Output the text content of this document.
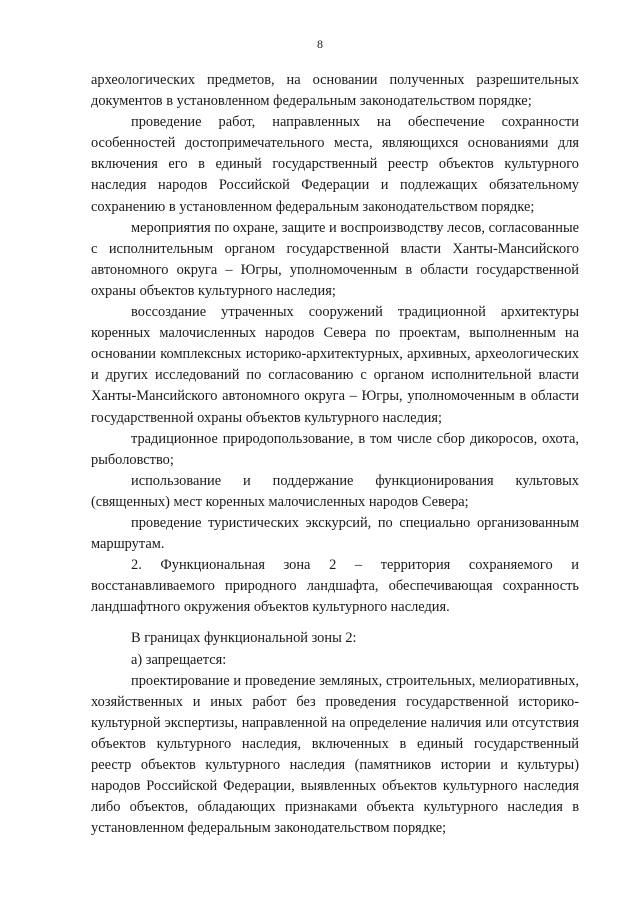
8

археологических предметов, на основании полученных разрешительных документов в установленном федеральным законодательством порядке;

проведение работ, направленных на обеспечение сохранности особенностей достопримечательного места, являющихся основаниями для включения его в единый государственный реестр объектов культурного наследия народов Российской Федерации и подлежащих обязательному сохранению в установленном федеральным законодательством порядке;

мероприятия по охране, защите и воспроизводству лесов, согласованные с исполнительным органом государственной власти Ханты-Мансийского автономного округа – Югры, уполномоченным в области государственной охраны объектов культурного наследия;

воссоздание утраченных сооружений традиционной архитектуры коренных малочисленных народов Севера по проектам, выполненным на основании комплексных историко-архитектурных, архивных, археологических и других исследований по согласованию с органом исполнительной власти Ханты-Мансийского автономного округа – Югры, уполномоченным в области государственной охраны объектов культурного наследия;

традиционное природопользование, в том числе сбор дикоросов, охота, рыболовство;

использование и поддержание функционирования культовых (священных) мест коренных малочисленных народов Севера;

проведение туристических экскурсий, по специально организованным маршрутам.

2. Функциональная зона 2 – территория сохраняемого и восстанавливаемого природного ландшафта, обеспечивающая сохранность ландшафтного окружения объектов культурного наследия.

В границах функциональной зоны 2:

а) запрещается:

проектирование и проведение земляных, строительных, мелиоративных, хозяйственных и иных работ без проведения государственной историко-культурной экспертизы, направленной на определение наличия или отсутствия объектов культурного наследия, включенных в единый государственный реестр объектов культурного наследия (памятников истории и культуры) народов Российской Федерации, выявленных объектов культурного наследия либо объектов, обладающих признаками объекта культурного наследия в установленном федеральным законодательством порядке;
